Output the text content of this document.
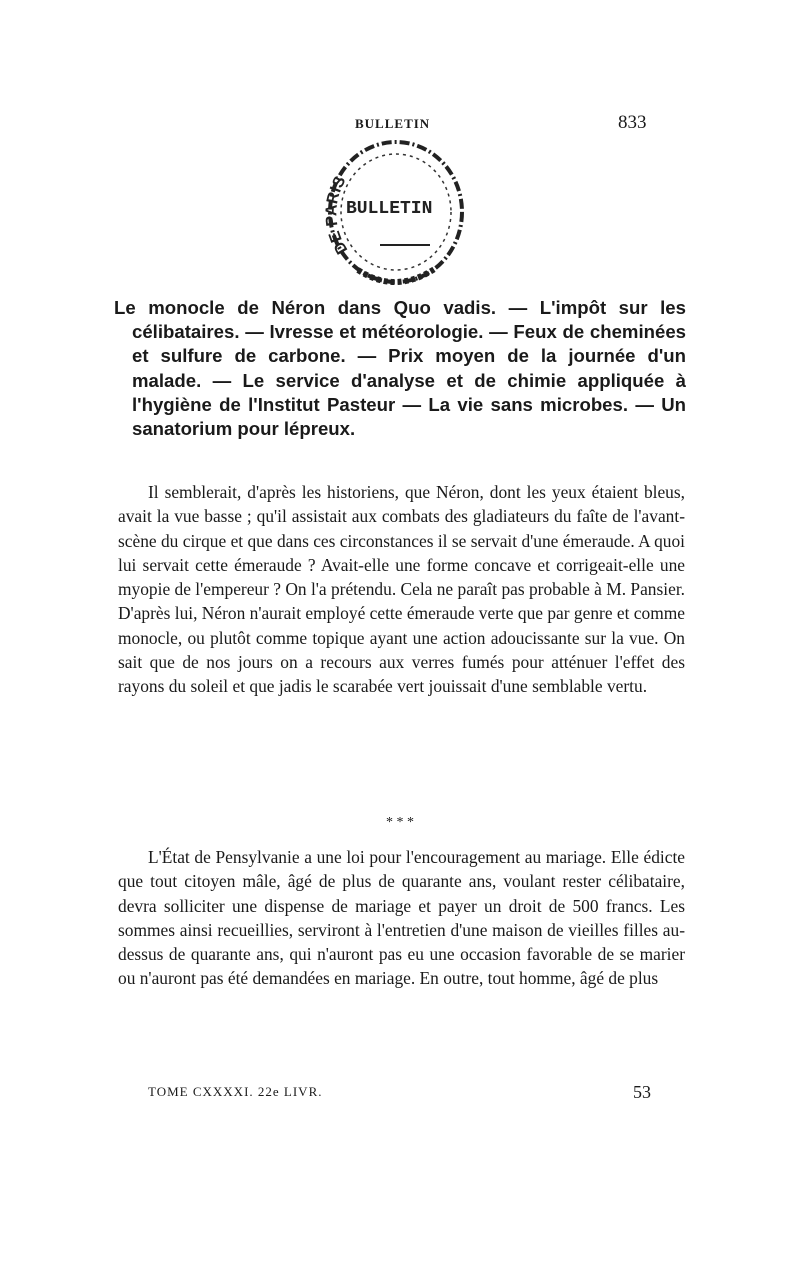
BULLETIN	833
DE PARIS
BULLETIN
Le monocle de Néron dans Quo vadis. — L'impôt sur les célibataires. — Ivresse et météorologie. — Feux de cheminées et sulfure de carbone. — Prix moyen de la journée d'un malade. — Le service d'analyse et de chimie appliquée à l'hygiène de l'Institut Pasteur — La vie sans microbes. — Un sanatorium pour lépreux.
Il semblerait, d'après les historiens, que Néron, dont les yeux étaient bleus, avait la vue basse ; qu'il assistait aux combats des gladiateurs du faîte de l'avant-scène du cirque et que dans ces circonstances il se servait d'une émeraude. A quoi lui servait cette émeraude ? Avait-elle une forme concave et corrigeait-elle une myopie de l'empereur ? On l'a prétendu. Cela ne paraît pas probable à M. Pansier. D'après lui, Néron n'aurait employé cette émeraude verte que par genre et comme monocle, ou plutôt comme topique ayant une action adoucissante sur la vue. On sait que de nos jours on a recours aux verres fumés pour atténuer l'effet des rayons du soleil et que jadis le scarabée vert jouissait d'une semblable vertu.
* * *
L'État de Pensylvanie a une loi pour l'encouragement au mariage. Elle édicte que tout citoyen mâle, âgé de plus de quarante ans, voulant rester célibataire, devra solliciter une dispense de mariage et payer un droit de 500 francs. Les sommes ainsi recueillies, serviront à l'entretien d'une maison de vieilles filles au-dessus de quarante ans, qui n'auront pas eu une occasion favorable de se marier ou n'auront pas été demandées en mariage. En outre, tout homme, âgé de plus
TOME CXXXXI. 22e LIVR.	53
